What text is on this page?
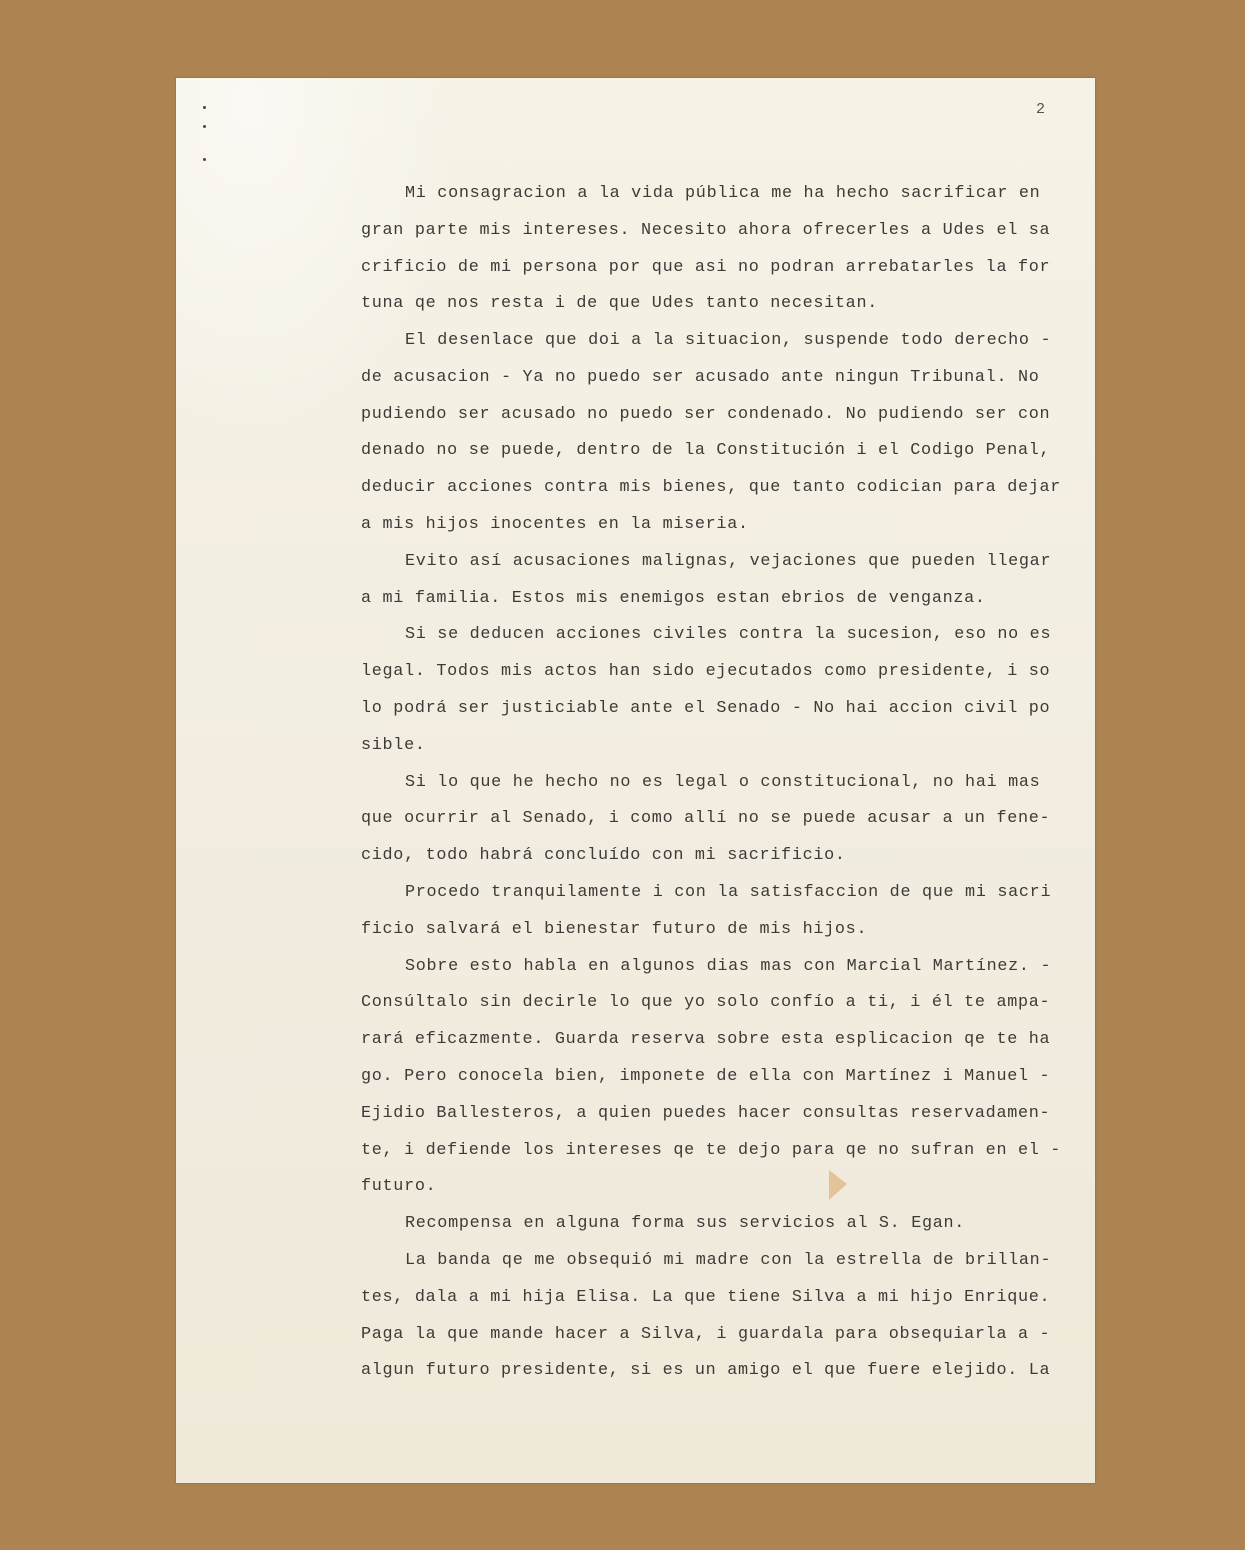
2
Mi consagracion a la vida pública me ha hecho sacrificar en
gran parte mis intereses. Necesito ahora ofrecerles a Udes el sa
crificio de mi persona por que asi no podran arrebatarles la for
tuna qe nos resta i de que Udes tanto necesitan.
El desenlace que doi a la situacion, suspende todo derecho -
de acusacion - Ya no puedo ser acusado ante ningun Tribunal. No
pudiendo ser acusado no puedo ser condenado. No pudiendo ser con
denado no se puede, dentro de la Constitución i el Codigo Penal,
deducir acciones contra mis bienes, que tanto codician para dejar
a mis hijos inocentes en la miseria.
Evito así acusaciones malignas, vejaciones que pueden llegar
a mi familia. Estos mis enemigos estan ebrios de venganza.
Si se deducen acciones civiles contra la sucesion, eso no es
legal. Todos mis actos han sido ejecutados como presidente, i so
lo podrá ser justiciable ante el Senado - No hai accion civil po
sible.
Si lo que he hecho no es legal o constitucional, no hai mas
que ocurrir al Senado, i como allí no se puede acusar a un fene-
cido, todo habrá concluído con mi sacrificio.
Procedo tranquilamente i con la satisfaccion de que mi sacri
ficio salvará el bienestar futuro de mis hijos.
Sobre esto habla en algunos dias mas con Marcial Martínez. -
Consúltalo sin decirle lo que yo solo confío a ti, i él te ampa-
rará eficazmente. Guarda reserva sobre esta esplicacion qe te ha
go. Pero conocela bien, imponete de ella con Martínez i Manuel -
Ejidio Ballesteros, a quien puedes hacer consultas reservadamen-
te, i defiende los intereses qe te dejo para qe no sufran en el -
futuro.
Recompensa en alguna forma sus servicios al S. Egan.
La banda qe me obsequió mi madre con la estrella de brillan-
tes, dala a mi hija Elisa. La que tiene Silva a mi hijo Enrique.
Paga la que mande hacer a Silva, i guardala para obsequiarla a -
algun futuro presidente, si es un amigo el que fuere elejido. La
